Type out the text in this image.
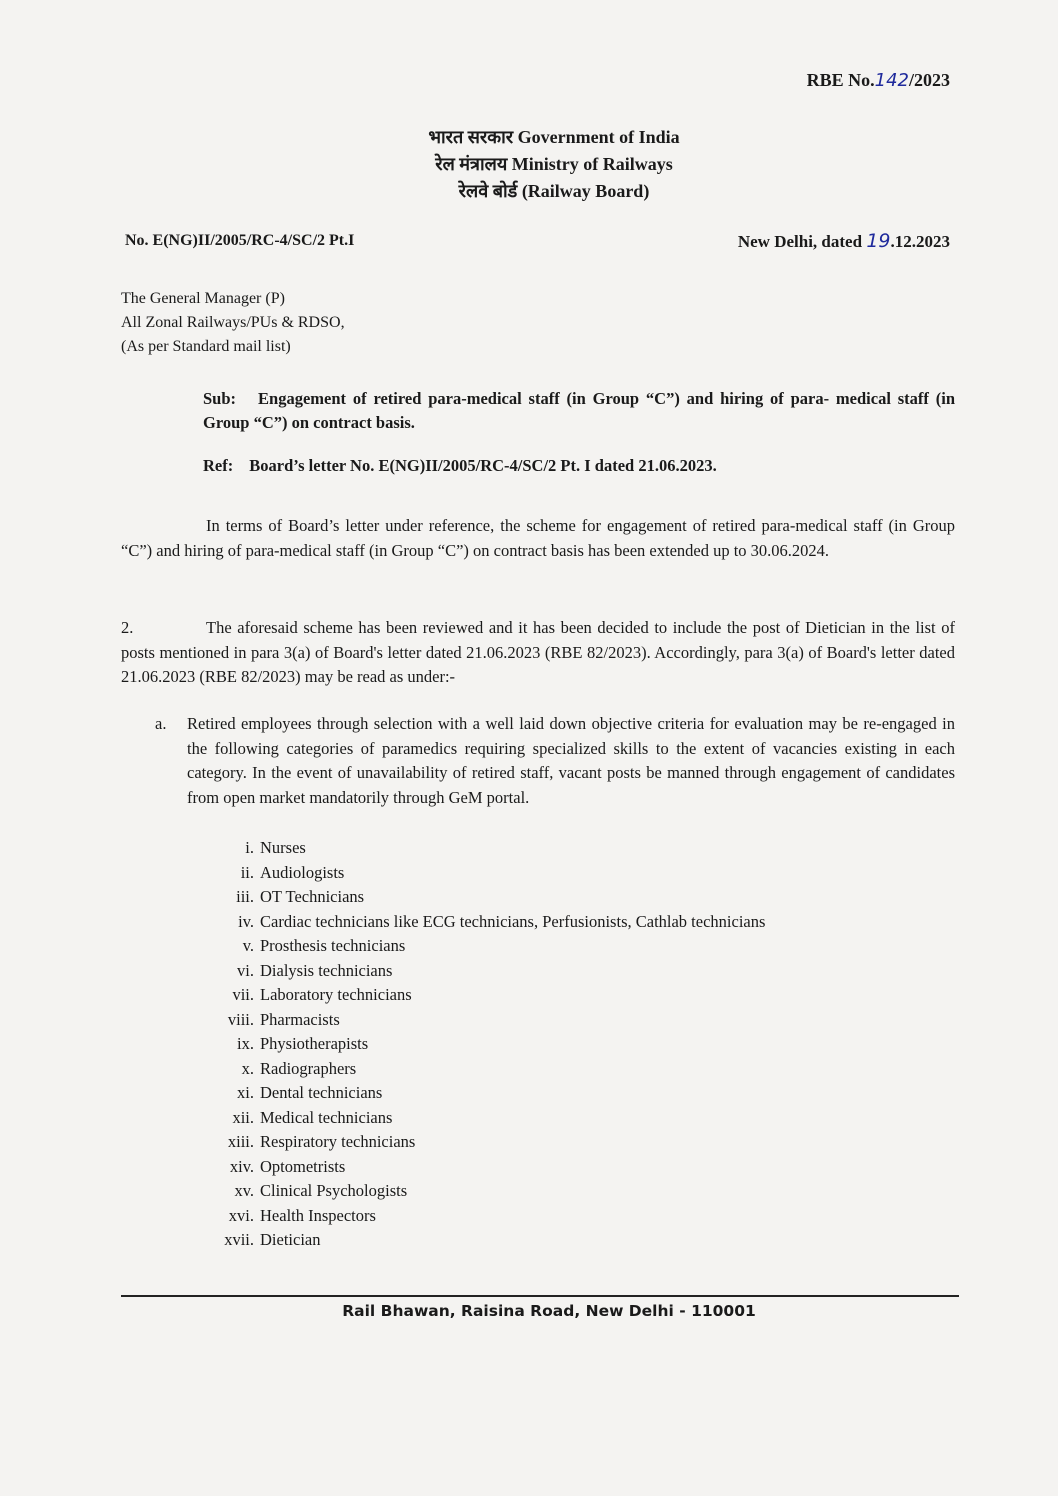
RBE No.142/2023
भारत सरकार Government of India
रेल मंत्रालय Ministry of Railways
रेलवे बोर्ड (Railway Board)
No. E(NG)II/2005/RC-4/SC/2 Pt.I	New Delhi, dated 19.12.2023
The General Manager (P)
All Zonal Railways/PUs & RDSO,
(As per Standard mail list)
Sub: Engagement of retired para-medical staff (in Group “C”) and hiring of para- medical staff (in Group “C”) on contract basis.
Ref: Board’s letter No. E(NG)II/2005/RC-4/SC/2 Pt. I dated 21.06.2023.
In terms of Board’s letter under reference, the scheme for engagement of retired para-medical staff (in Group “C”) and hiring of para-medical staff (in Group “C”) on contract basis has been extended up to 30.06.2024.
2.	The aforesaid scheme has been reviewed and it has been decided to include the post of Dietician in the list of posts mentioned in para 3(a) of Board's letter dated 21.06.2023 (RBE 82/2023). Accordingly, para 3(a) of Board's letter dated 21.06.2023 (RBE 82/2023) may be read as under:-
a. Retired employees through selection with a well laid down objective criteria for evaluation may be re-engaged in the following categories of paramedics requiring specialized skills to the extent of vacancies existing in each category. In the event of unavailability of retired staff, vacant posts be manned through engagement of candidates from open market mandatorily through GeM portal.
i. Nurses
ii. Audiologists
iii. OT Technicians
iv. Cardiac technicians like ECG technicians, Perfusionists, Cathlab technicians
v. Prosthesis technicians
vi. Dialysis technicians
vii. Laboratory technicians
viii. Pharmacists
ix. Physiotherapists
x. Radiographers
xi. Dental technicians
xii. Medical technicians
xiii. Respiratory technicians
xiv. Optometrists
xv. Clinical Psychologists
xvi. Health Inspectors
xvii. Dietician
Rail Bhawan, Raisina Road, New Delhi - 110001
